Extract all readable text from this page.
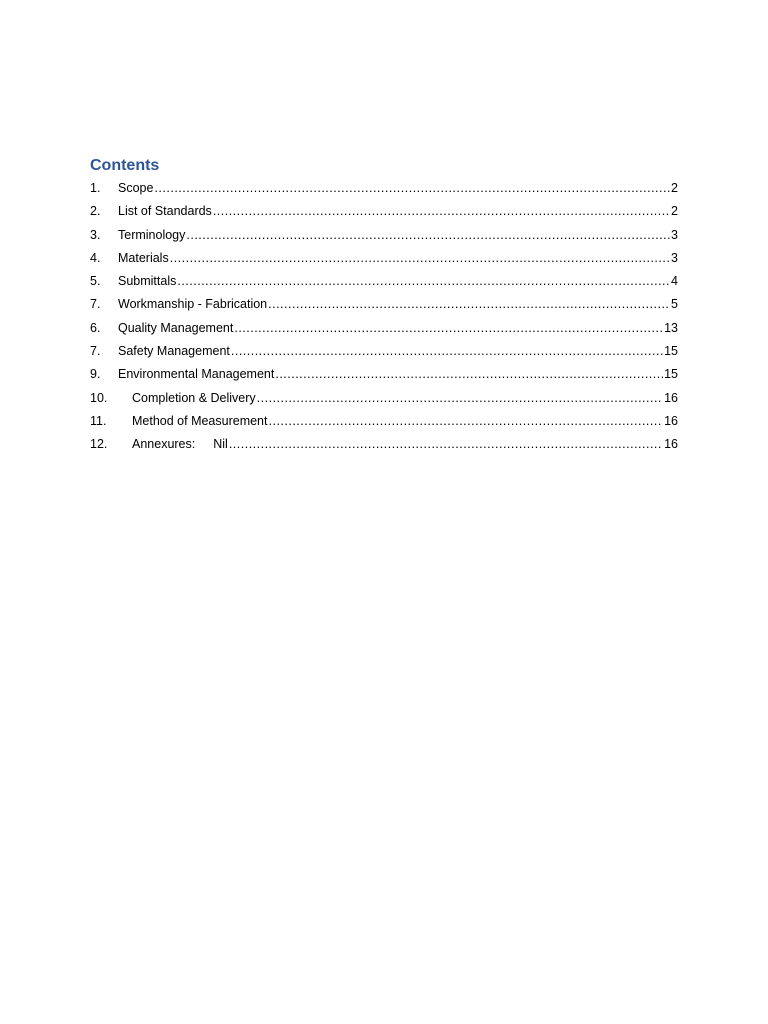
Contents
1.	Scope .....	2
2.	List of Standards .....	2
3.	Terminology .....	3
4.	Materials .....	3
5.	Submittals .....	4
7.	Workmanship - Fabrication .....	5
6.	Quality Management .....	13
7.	Safety Management .....	15
9.	Environmental Management .....	15
10.	Completion & Delivery .....	16
11.	Method of Measurement .....	16
12.	Annexures: Nil .....	16
